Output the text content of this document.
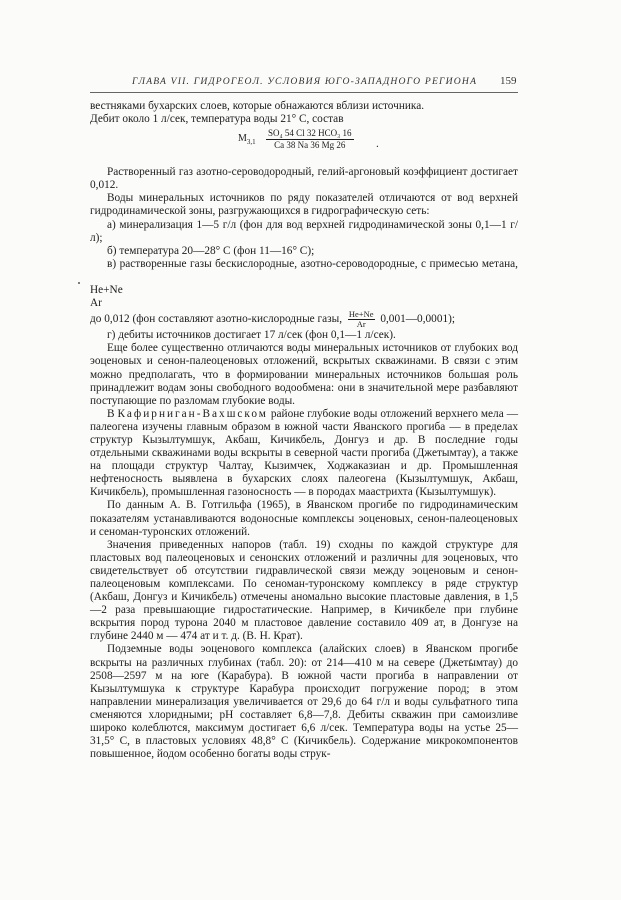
ГЛАВА VII. ГИДРОГЕОЛ. УСЛОВИЯ ЮГО-ЗАПАДНОГО РЕГИОНА	159

вестняками бухарских слоев, которые обнажаются вблизи источника.

Дебит около 1 л/сек, температура воды 21° С, состав

$M_{3,1}$
SO₄ 54 Cl 32 HCO₃ 16
Ca 38 Na 36 Mg 26	.

Растворенный газ азотно-сероводородный, гелий-аргоновый коэффициент достигает 0,012.

Воды минеральных источников по ряду показателей отличаются от вод верхней гидродинамической зоны, разгружающихся в гидрографическую сеть:

а) минерализация 1—5 г/л (фон для вод верхней гидродинамической зоны 0,1—1 г/л);

б) температура 20—28° С (фон 11—16° С);

в) растворенные газы бескислородные, азотно-сероводородные, с примесью метана,

He+Ne
Ar
до 0,012 (фон составляют азотно-кислородные газы, $\frac{He+Ne}{Ar}$ 0,001—0,0001);

г) дебиты источников достигает 17 л/сек (фон 0,1—1 л/сек).

Еще более существенно отличаются воды минеральных источников от глубоких вод эоценовых и сенон-палеоценовых отложений, вскрытых скважинами. В связи с этим можно предполагать, что в формировании минеральных источников большая роль принадлежит водам зоны свободного водообмена: они в значительной мере разбавляют поступающие по разломам глубокие воды.

В Кафирниган-Вахшском районе глубокие воды отложений верхнего мела — палеогена изучены главным образом в южной части Яванского прогиба — в пределах структур Кызылтумшук, Акбаш, Кичикбель, Донгуз и др. В последние годы отдельными скважинами воды вскрыты в северной части прогиба (Джетымтау), а также на площади структур Чалтау, Кызимчек, Ходжаказиан и др. Промышленная нефтеносность выявлена в бухарских слоях палеогена (Кызылтумшук, Акбаш, Кичикбель), промышленная газоносность — в породах маастрихта (Кызылтумшук).

По данным А. В. Готгильфа (1965), в Яванском прогибе по гидродинамическим показателям устанавливаются водоносные комплексы эоценовых, сенон-палеоценовых и сеноман-туронских отложений.

Значения приведенных напоров (табл. 19) сходны по каждой структуре для пластовых вод палеоценовых и сенонских отложений и различны для эоценовых, что свидетельствует об отсутствии гидравлической связи между эоценовым и сенон-палеоценовым комплексами. По сеноман-туронскому комплексу в ряде структур (Акбаш, Донгуз и Кичикбель) отмечены аномально высокие пластовые давления, в 1,5—2 раза превышающие гидростатические. Например, в Кичикбеле при глубине вскрытия пород турона 2040 м пластовое давление составило 409 ат, в Донгузе на глубине 2440 м — 474 ат и т. д. (В. Н. Крат).

Подземные воды эоценового комплекса (алайских слоев) в Яванском прогибе вскрыты на различных глубинах (табл. 20): от 214—410 м на севере (Джетымтау) до 2508—2597 м на юге (Карабура). В южной части прогиба в направлении от Кызылтумшука к структуре Карабура происходит погружение пород; в этом направлении минерализация увеличивается от 29,6 до 64 г/л и воды сульфатного типа сменяются хлоридными; pH составляет 6,8—7,8. Дебиты скважин при самоизливе широко колеблются, максимум достигает 6,6 л/сек. Температура воды на устье 25—31,5° С, в пластовых условиях 48,8° С (Кичикбель). Содержание микрокомпонентов повышенное, йодом особенно богаты воды струк-
